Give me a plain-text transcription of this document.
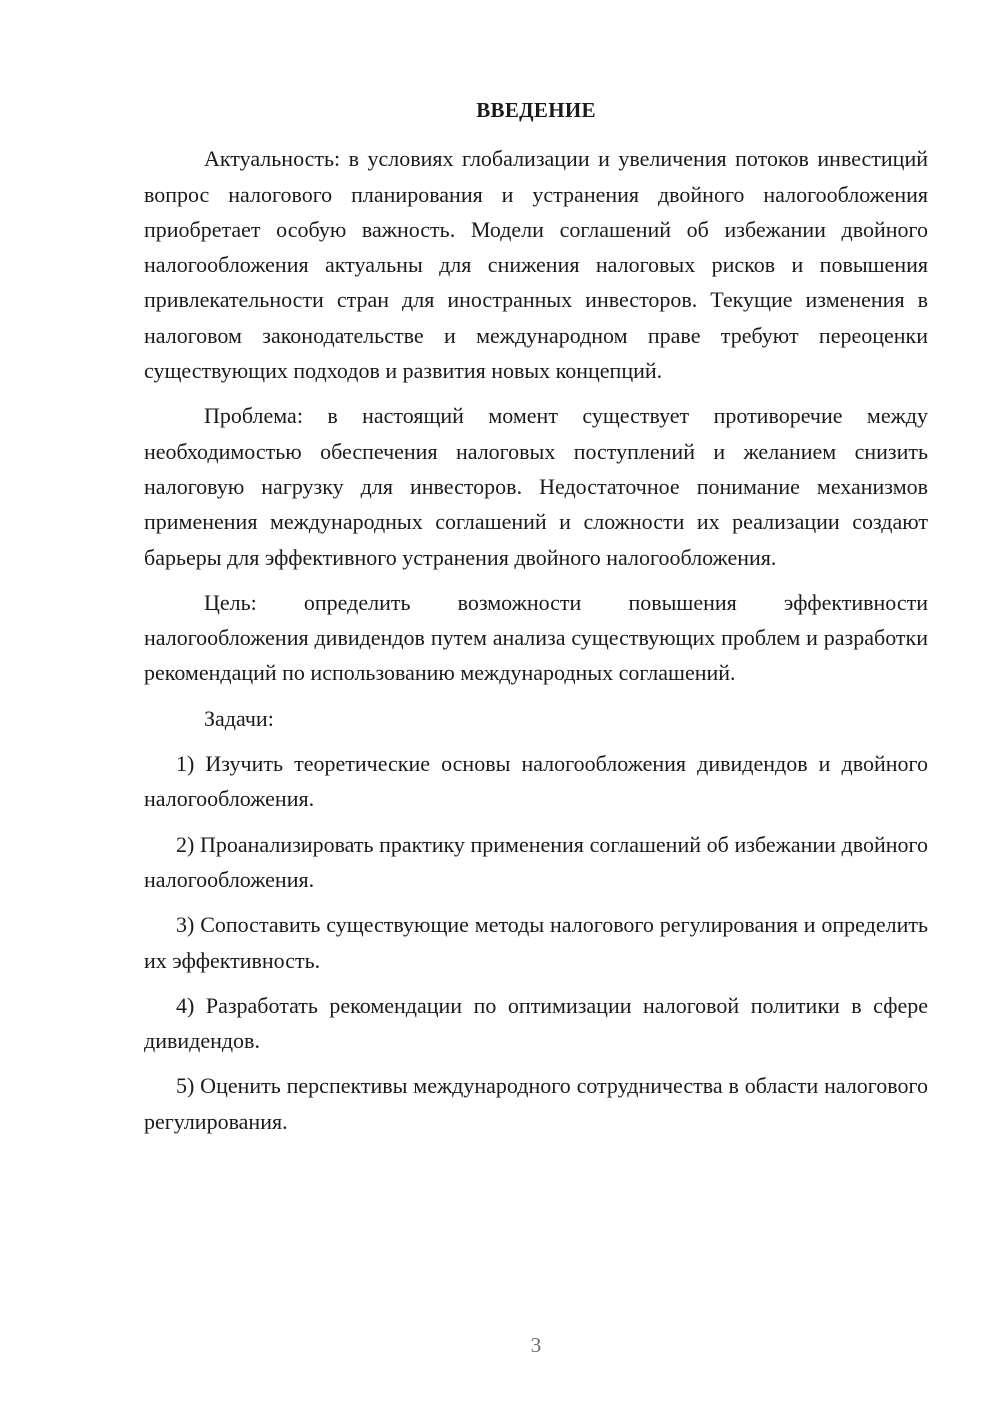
ВВЕДЕНИЕ

Актуальность: в условиях глобализации и увеличения потоков инвестиций вопрос налогового планирования и устранения двойного налогообложения приобретает особую важность. Модели соглашений об избежании двойного налогообложения актуальны для снижения налоговых рисков и повышения привлекательности стран для иностранных инвесторов. Текущие изменения в налоговом законодательстве и международном праве требуют переоценки существующих подходов и развития новых концепций.

Проблема: в настоящий момент существует противоречие между необходимостью обеспечения налоговых поступлений и желанием снизить налоговую нагрузку для инвесторов. Недостаточное понимание механизмов применения международных соглашений и сложности их реализации создают барьеры для эффективного устранения двойного налогообложения.

Цель: определить возможности повышения эффективности налогообложения дивидендов путем анализа существующих проблем и разработки рекомендаций по использованию международных соглашений.

Задачи:

1) Изучить теоретические основы налогообложения дивидендов и двойного налогообложения.

2) Проанализировать практику применения соглашений об избежании двойного налогообложения.

3) Сопоставить существующие методы налогового регулирования и определить их эффективность.

4) Разработать рекомендации по оптимизации налоговой политики в сфере дивидендов.

5) Оценить перспективы международного сотрудничества в области налогового регулирования.

3
